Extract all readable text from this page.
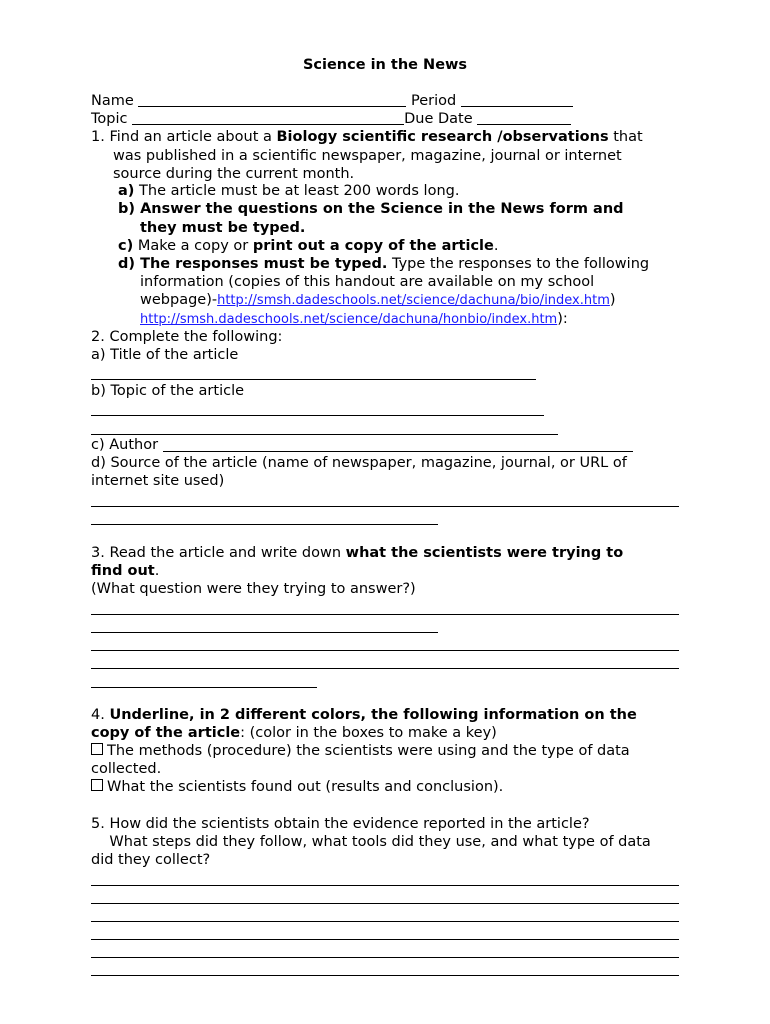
Science in the News
Name	Period
Topic	Due Date
1. Find an article about a Biology scientific research /observations that
was published in a scientific newspaper, magazine, journal or internet
source during the current month.
a) The article must be at least 200 words long.
b) Answer the questions on the Science in the News form and
they must be typed.
c) Make a copy or print out a copy of the article.
d) The responses must be typed. Type the responses to the following
information (copies of this handout are available on my school
webpage)-http://smsh.dadeschools.net/science/dachuna/bio/index.htm)
http://smsh.dadeschools.net/science/dachuna/honbio/index.htm):
2. Complete the following:
a) Title of the article
b) Topic of the article
c) Author
d) Source of the article (name of newspaper, magazine, journal, or URL of
internet site used)
3. Read the article and write down what the scientists were trying to
find out.
(What question were they trying to answer?)
4. Underline, in 2 different colors, the following information on the
copy of the article: (color in the boxes to make a key)
The methods (procedure) the scientists were using and the type of data
collected.
What the scientists found out (results and conclusion).
5. How did the scientists obtain the evidence reported in the article?
What steps did they follow, what tools did they use, and what type of data
did they collect?
